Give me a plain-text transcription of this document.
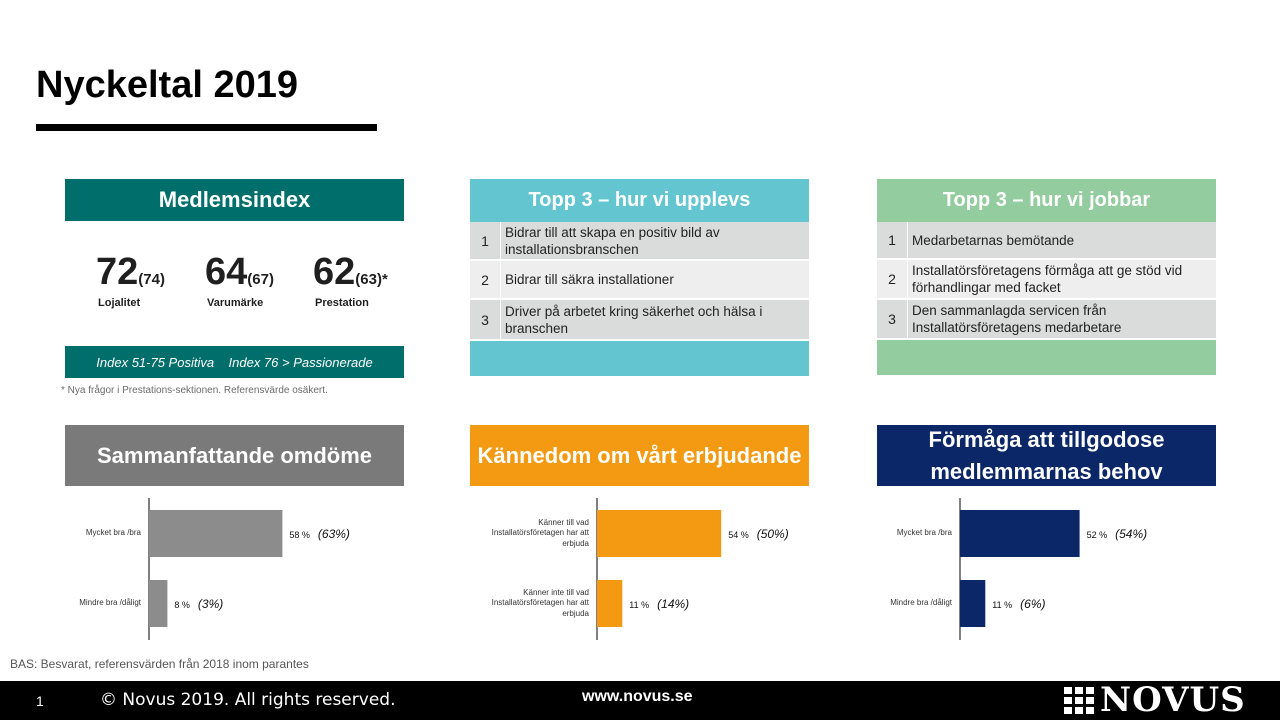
Nyckeltal 2019
Medlemsindex
72(74)
Lojalitet
64(67)
Varumärke
62(63)*
Prestation
Index 51-75 Positiva    Index 76 > Passionerade
* Nya frågor i Prestations-sektionen. Referensvärde osäkert.
Topp 3 – hur vi upplevs
1
Bidrar till att skapa en positiv bild av installationsbranschen
2	Bidrar till säkra installationer
3
Driver på arbetet kring säkerhet och hälsa i branschen
Topp 3 – hur vi jobbar
1	Medarbetarnas bemötande
2
Installatörsföretagens förmåga att ge stöd vid förhandlingar med facket
3
Den sammanlagda servicen från Installatörsföretagens medarbetare
Sammanfattande omdöme	Kännedom om vårt erbjudande
Förmåga att tillgodose medlemmarnas behov
Mycket bra /bra	58 % (63%)
Mindre bra /dåligt	8 % (3%)
Känner till vad Installatörsföretagen har att erbjuda
54 % (50%)
Känner inte till vad Installatörsföretagen har att erbjuda
11 % (14%)
Mycket bra /bra	52 % (54%)
Mindre bra /dåligt	11 % (6%)
BAS: Besvarat, referensvärden från 2018 inom parantes
1	© Novus 2019. All rights reserved.	www.novus.se	NOVUS
